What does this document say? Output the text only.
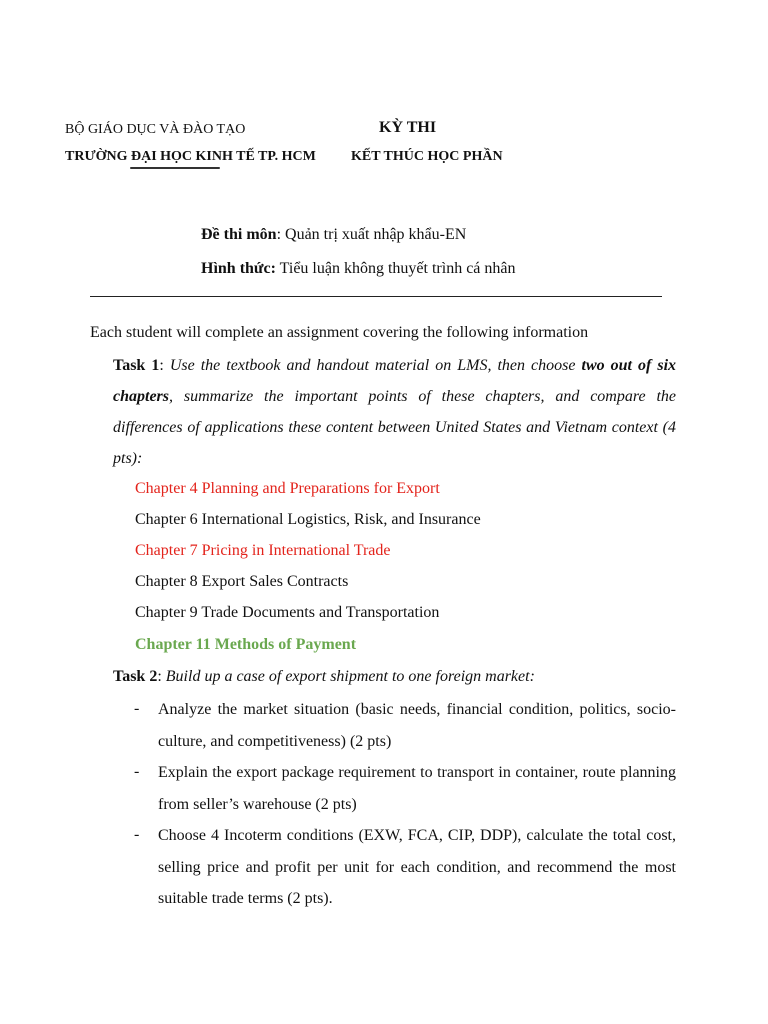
BỘ GIÁO DỤC VÀ ĐÀO TẠO
TRƯỜNG ĐẠI HỌC KINH TẾ TP. HCM
KỲ THI
KẾT THÚC HỌC PHẦN
Đề thi môn: Quản trị xuất nhập khẩu-EN
Hình thức: Tiểu luận không thuyết trình cá nhân
Each student will complete an assignment covering the following information
Task 1: Use the textbook and handout material on LMS, then choose two out of six chapters, summarize the important points of these chapters, and compare the differences of applications these content between United States and Vietnam context (4 pts):
Chapter 4 Planning and Preparations for Export
Chapter 6 International Logistics, Risk, and Insurance
Chapter 7 Pricing in International Trade
Chapter 8 Export Sales Contracts
Chapter 9 Trade Documents and Transportation
Chapter 11 Methods of Payment
Task 2: Build up a case of export shipment to one foreign market:
- Analyze the market situation (basic needs, financial condition, politics, socio-culture, and competitiveness) (2 pts)
- Explain the export package requirement to transport in container, route planning from seller’s warehouse (2 pts)
- Choose 4 Incoterm conditions (EXW, FCA, CIP, DDP), calculate the total cost, selling price and profit per unit for each condition, and recommend the most suitable trade terms (2 pts).
